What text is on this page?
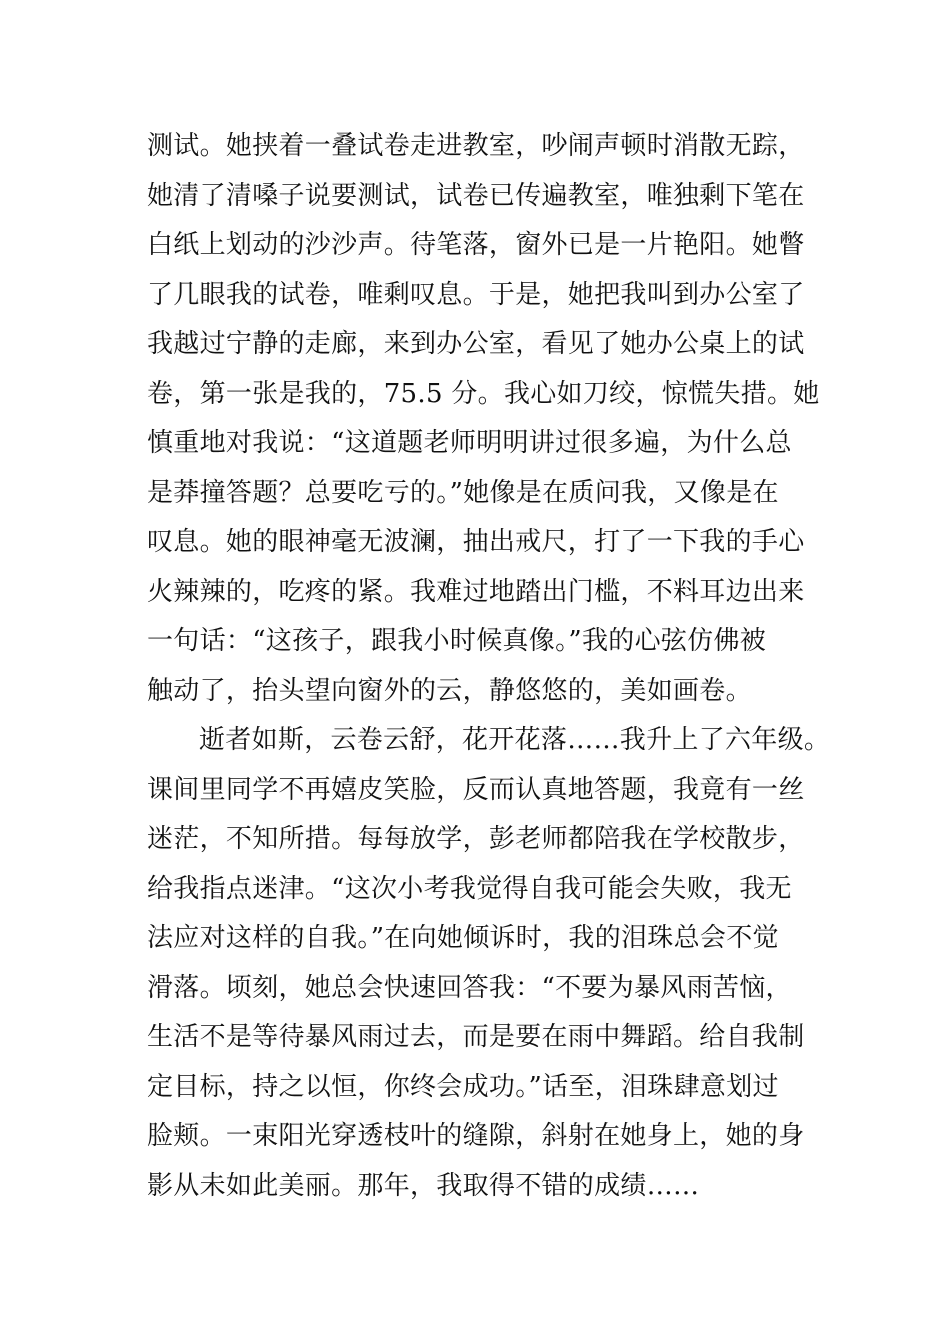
测试。她挟着一叠试卷走进教室，吵闹声顿时消散无踪，
她清了清嗓子说要测试，试卷已传遍教室，唯独剩下笔在
白纸上划动的沙沙声。待笔落，窗外已是一片艳阳。她瞥
了几眼我的试卷，唯剩叹息。于是，她把我叫到办公室了
我越过宁静的走廊，来到办公室，看见了她办公桌上的试
卷，第一张是我的，75.5 分。我心如刀绞，惊慌失措。她
慎重地对我说：“这道题老师明明讲过很多遍，为什么总
是莽撞答题？总要吃亏的。”她像是在质问我，又像是在
叹息。她的眼神毫无波澜，抽出戒尺，打了一下我的手心
火辣辣的，吃疼的紧。我难过地踏出门槛，不料耳边出来
一句话：“这孩子，跟我小时候真像。”我的心弦仿佛被
触动了，抬头望向窗外的云，静悠悠的，美如画卷。
逝者如斯，云卷云舒，花开花落……我升上了六年级。
课间里同学不再嬉皮笑脸，反而认真地答题，我竟有一丝
迷茫，不知所措。每每放学，彭老师都陪我在学校散步，
给我指点迷津。“这次小考我觉得自我可能会失败，我无
法应对这样的自我。”在向她倾诉时，我的泪珠总会不觉
滑落。顷刻，她总会快速回答我：“不要为暴风雨苦恼，
生活不是等待暴风雨过去，而是要在雨中舞蹈。给自我制
定目标，持之以恒，你终会成功。”话至，泪珠肆意划过
脸颊。一束阳光穿透枝叶的缝隙，斜射在她身上，她的身
影从未如此美丽。那年，我取得不错的成绩……
